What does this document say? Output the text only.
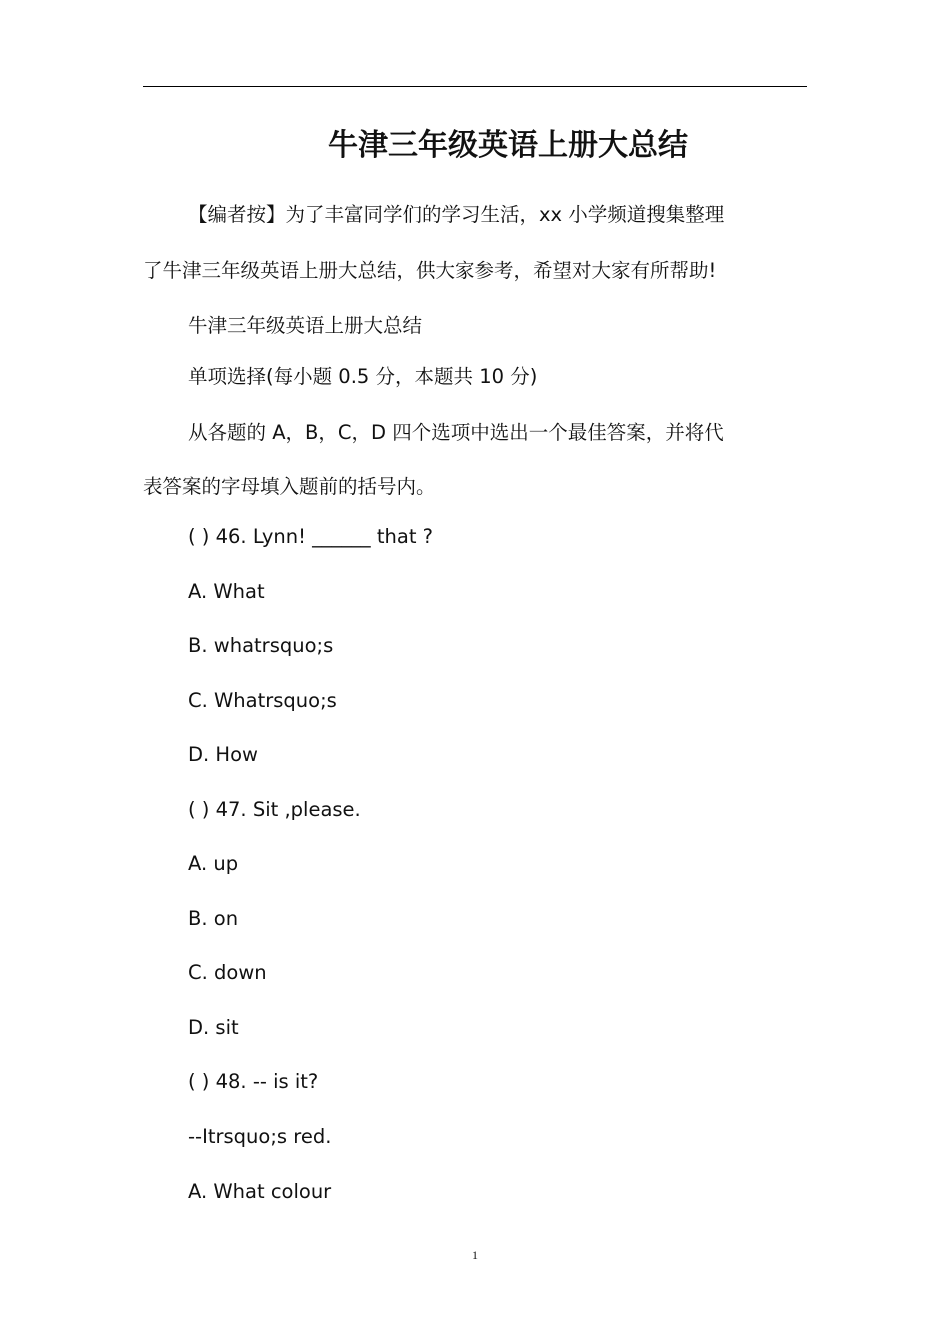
牛津三年级英语上册大总结
【编者按】为了丰富同学们的学习生活，xx 小学频道搜集整理
了牛津三年级英语上册大总结，供大家参考，希望对大家有所帮助!
牛津三年级英语上册大总结
单项选择(每小题 0.5 分，本题共 10 分)
从各题的 A，B，C，D 四个选项中选出一个最佳答案，并将代
表答案的字母填入题前的括号内。
( ) 46. Lynn! ______ that ?
A. What
B. whatrsquo;s
C. Whatrsquo;s
D. How
( ) 47. Sit ,please.
A. up
B. on
C. down
D. sit
( ) 48. -- is it?
--Itrsquo;s red.
A. What colour
1
